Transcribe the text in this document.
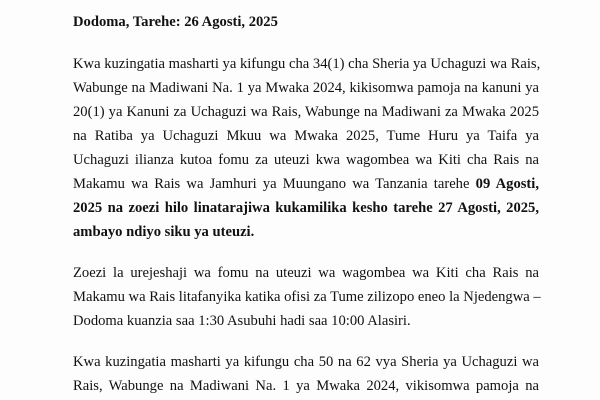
Dodoma, Tarehe: 26 Agosti, 2025
Kwa kuzingatia masharti ya kifungu cha 34(1) cha Sheria ya Uchaguzi wa Rais,
Wabunge na Madiwani Na. 1 ya Mwaka 2024, kikisomwa pamoja na kanuni ya
20(1) ya Kanuni za Uchaguzi wa Rais, Wabunge na Madiwani za Mwaka 2025
na Ratiba ya Uchaguzi Mkuu wa Mwaka 2025, Tume Huru ya Taifa ya
Uchaguzi ilianza kutoa fomu za uteuzi kwa wagombea wa Kiti cha Rais na
Makamu wa Rais wa Jamhuri ya Muungano wa Tanzania tarehe 09 Agosti,
2025 na zoezi hilo linatarajiwa kukamilika kesho tarehe 27 Agosti, 2025,
ambayo ndiyo siku ya uteuzi.
Zoezi la urejeshaji wa fomu na uteuzi wa wagombea wa Kiti cha Rais na
Makamu wa Rais litafanyika katika ofisi za Tume zilizopo eneo la Njedengwa –
Dodoma kuanzia saa 1:30 Asubuhi hadi saa 10:00 Alasiri.
Kwa kuzingatia masharti ya kifungu cha 50 na 62 vya Sheria ya Uchaguzi wa
Rais, Wabunge na Madiwani Na. 1 ya Mwaka 2024, vikisomwa pamoja na
